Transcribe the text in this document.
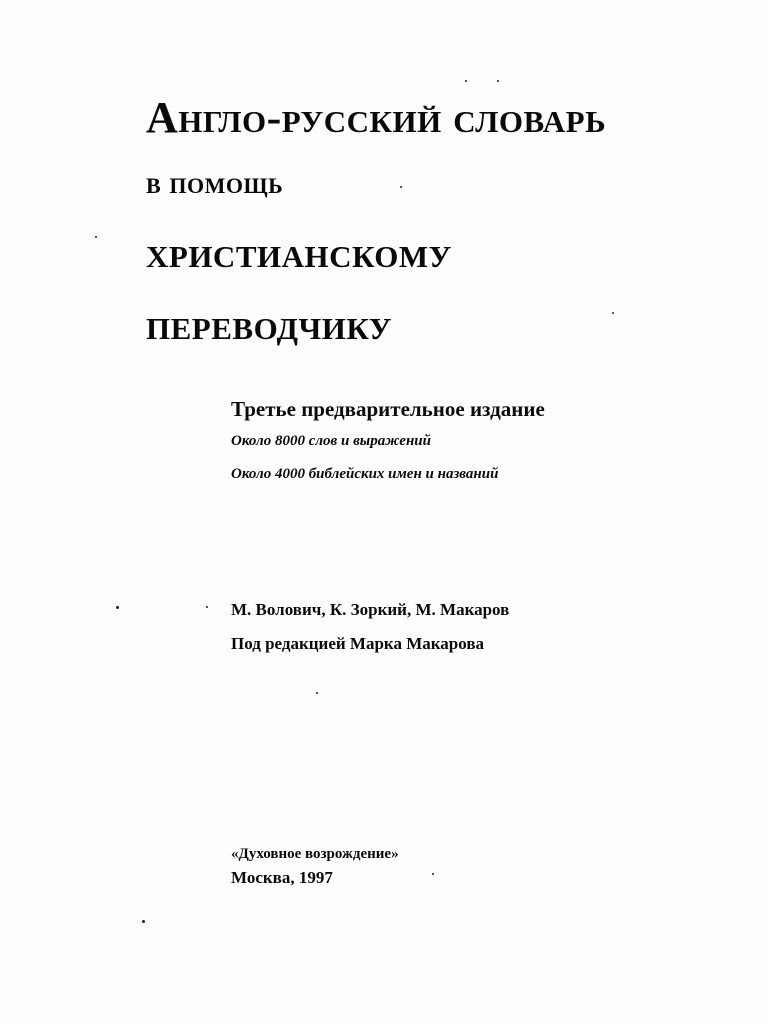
Англо-русский словарь
в помощь
христианскому
переводчику
Третье предварительное издание
Около 8000 слов и выражений
Около 4000 библейских имен и названий
М. Волович, К. Зоркий, М. Макаров
Под редакцией Марка Макарова
«Духовное возрождение»
Москва, 1997
